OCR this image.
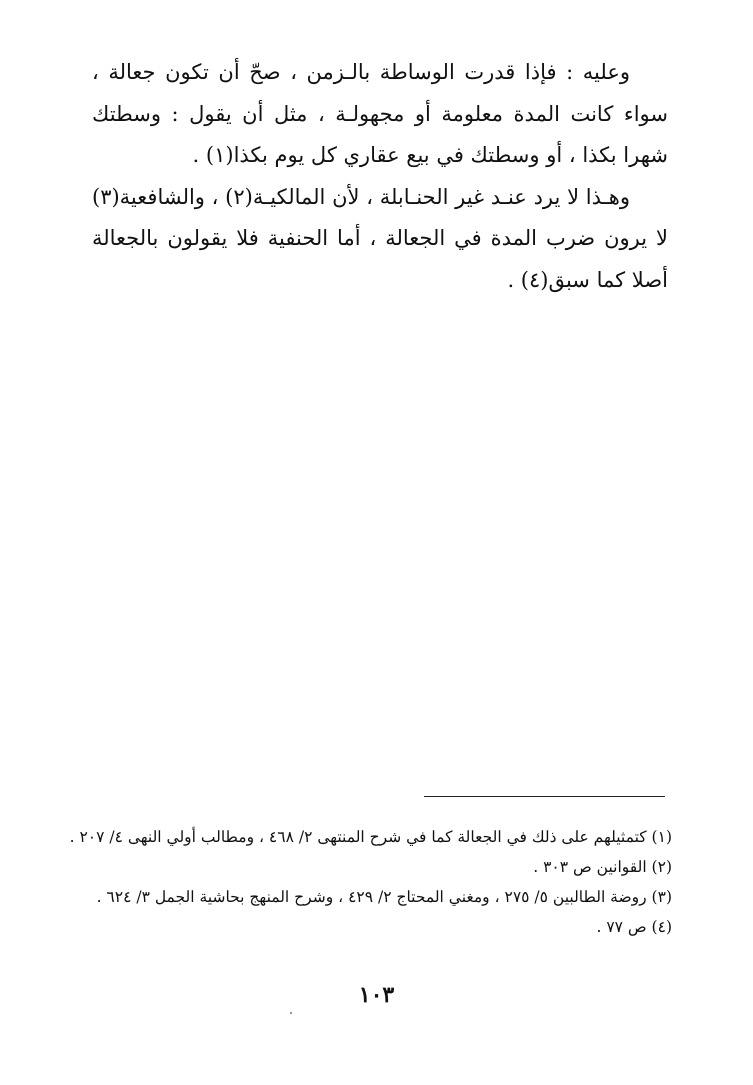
وعليه : فإذا قدرت الوساطة بالـزمن ، صحّ أن تكون جعالة ، سواء كانت المدة معلومة أو مجهولـة ، مثل أن يقول : وسطتك شهرا بكذا ، أو وسطتك في بيع عقاري كل يوم بكذا(١) .

وهـذا لا يرد عنـد غير الحنـابلة ، لأن المالكيـة(٢) ، والشافعية(٣) لا يرون ضرب المدة في الجعالة ، أما الحنفية فلا يقولون بالجعالة أصلا كما سبق(٤) .

(١) كتمثيلهم على ذلك في الجعالة كما في شرح المنتهى ٢/ ٤٦٨ ، ومطالب أولي النهى ٤/ ٢٠٧ .

(٢) القوانين ص ٣٠٣ .

(٣) روضة الطالبين ٥/ ٢٧٥ ، ومغني المحتاج ٢/ ٤٢٩ ، وشرح المنهج بحاشية الجمل ٣/ ٦٢٤ .

(٤) ص ٧٧ .

١٠٣
